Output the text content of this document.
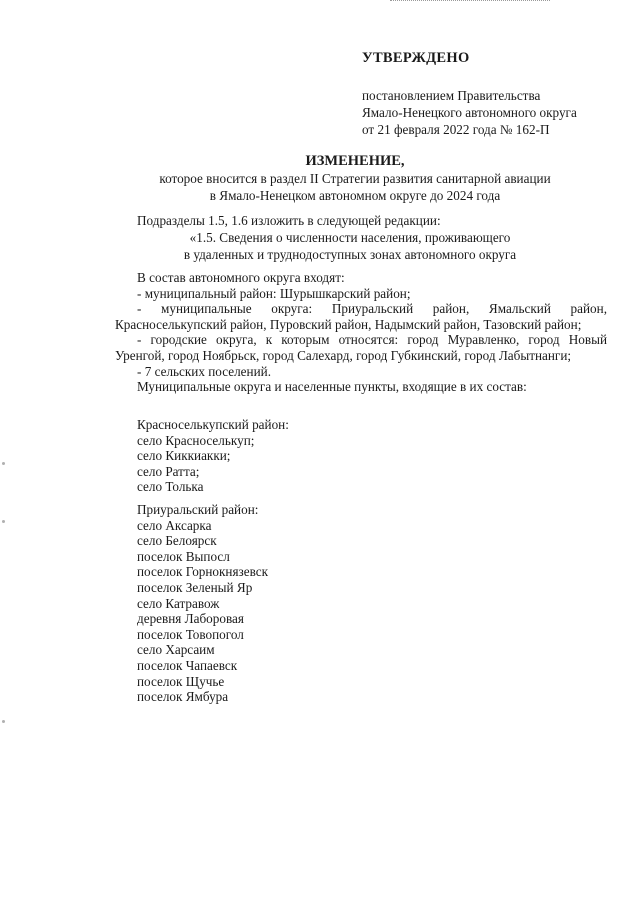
УТВЕРЖДЕНО

постановлением Правительства

Ямало-Ненецкого автономного округа

от 21 февраля 2022 года № 162-П

ИЗМЕНЕНИЕ,

которое вносится в раздел II Стратегии развития санитарной авиации

в Ямало-Ненецком автономном округе до 2024 года

Подразделы 1.5, 1.6 изложить в следующей редакции:

«1.5. Сведения о численности населения, проживающего

в удаленных и труднодоступных зонах автономного округа

В состав автономного округа входят:

- муниципальный район: Шурышкарский район;

- муниципальные округа: Приуральский район, Ямальский район, Красноселькупский район, Пуровский район, Надымский район, Тазовский район;

- городские округа, к которым относятся: город Муравленко, город Новый Уренгой, город Ноябрьск, город Салехард, город Губкинский, город Лабытнанги;

- 7 сельских поселений.

Муниципальные округа и населенные пункты, входящие в их состав:

Красноселькупский район:
село Красноселькуп;
село Киккиакки;
село Ратта;
село Толька
Приуральский район:
село Аксарка
село Белоярск
поселок Выпосл
поселок Горнокнязевск
поселок Зеленый Яр
село Катравож
деревня Лаборовая
поселок Товопогол
село Харсаим
поселок Чапаевск
поселок Щучье
поселок Ямбура
